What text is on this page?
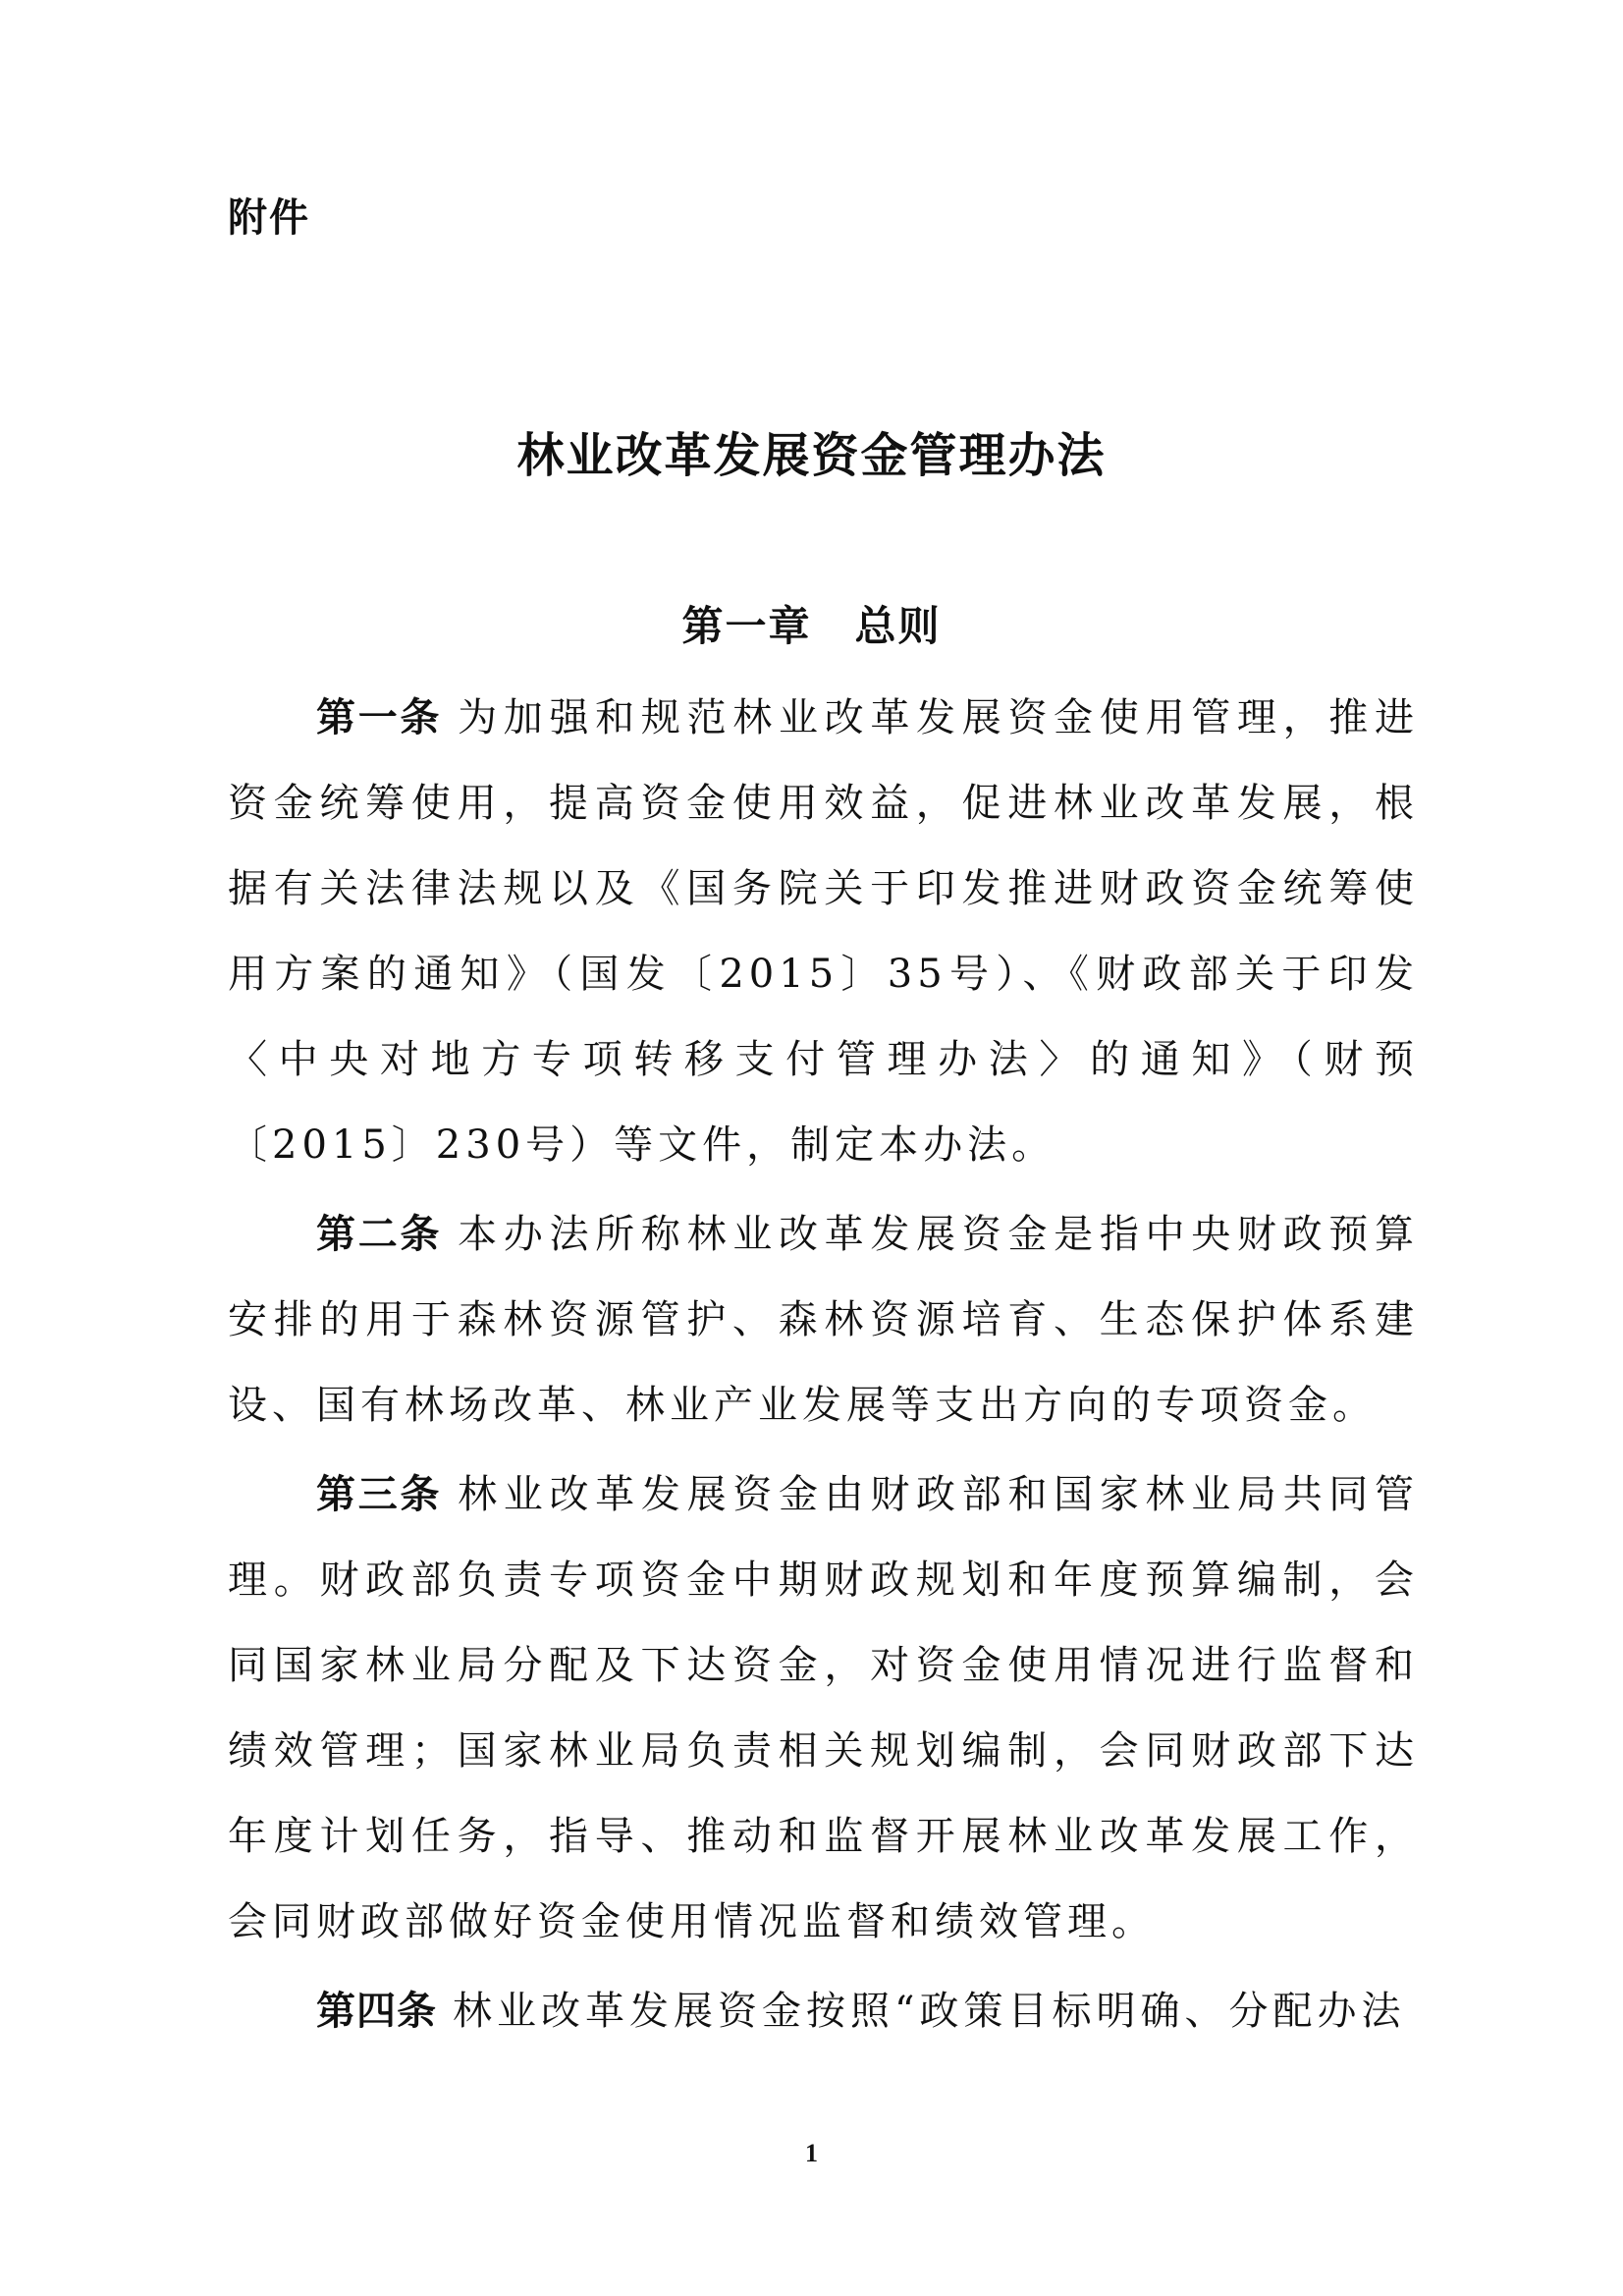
附件
林业改革发展资金管理办法
第一章　总则

第一条 为加强和规范林业改革发展资金使用管理，推进资金统筹使用，提高资金使用效益，促进林业改革发展，根据有关法律法规以及《国务院关于印发推进财政资金统筹使用方案的通知》（国发〔2015〕35号）、《财政部关于印发〈中央对地方专项转移支付管理办法〉的通知》（财预〔2015〕230号）等文件，制定本办法。

第二条 本办法所称林业改革发展资金是指中央财政预算安排的用于森林资源管护、森林资源培育、生态保护体系建设、国有林场改革、林业产业发展等支出方向的专项资金。

第三条 林业改革发展资金由财政部和国家林业局共同管理。财政部负责专项资金中期财政规划和年度预算编制，会同国家林业局分配及下达资金，对资金使用情况进行监督和绩效管理；国家林业局负责相关规划编制，会同财政部下达年度计划任务，指导、推动和监督开展林业改革发展工作，会同财政部做好资金使用情况监督和绩效管理。

第四条 林业改革发展资金按照“政策目标明确、分配办法

1
